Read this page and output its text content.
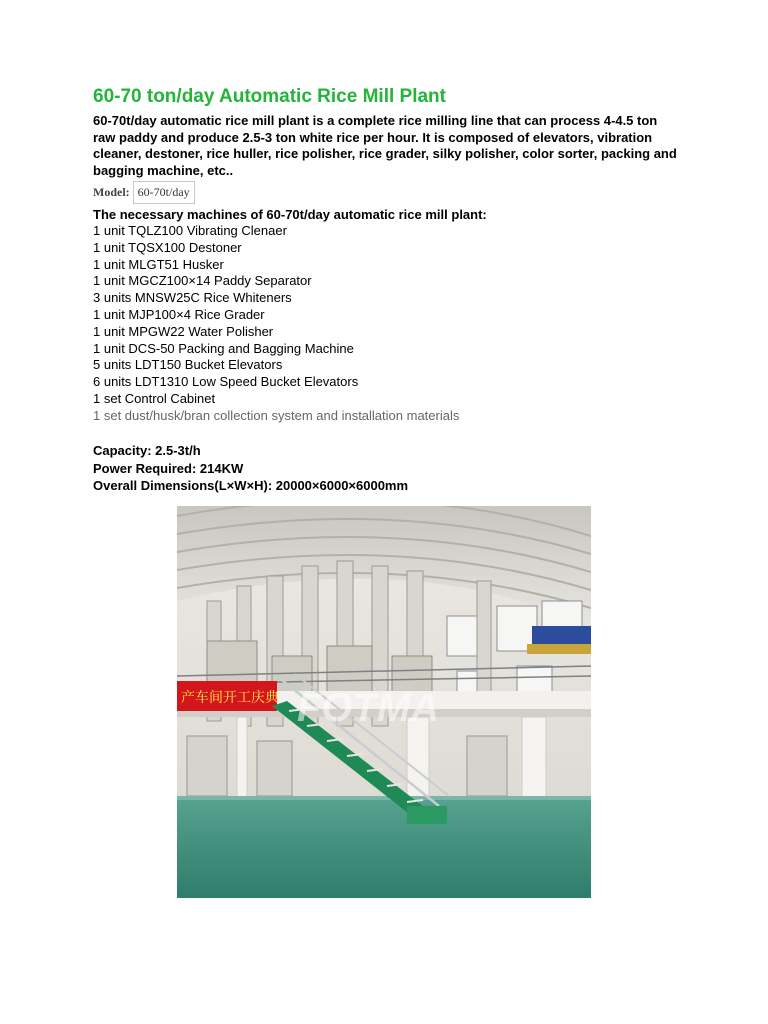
60-70 ton/day Automatic Rice Mill Plant
60-70t/day automatic rice mill plant is a complete rice milling line that can process 4-4.5 ton raw paddy and produce 2.5-3 ton white rice per hour. It is composed of elevators, vibration cleaner, destoner, rice huller, rice polisher, rice grader, silky polisher, color sorter, packing and bagging machine, etc..
Model: 60-70t/day
The necessary machines of 60-70t/day automatic rice mill plant:
1 unit TQLZ100 Vibrating Clenaer
1 unit TQSX100 Destoner
1 unit MLGT51 Husker
1 unit MGCZ100×14 Paddy Separator
3 units MNSW25C Rice Whiteners
1 unit MJP100×4 Rice Grader
1 unit MPGW22 Water Polisher
1 unit DCS-50 Packing and Bagging Machine
5 units LDT150 Bucket Elevators
6 units LDT1310 Low Speed Bucket Elevators
1 set Control Cabinet
1 set dust/husk/bran collection system and installation materials
Capacity: 2.5-3t/h
Power Required: 214KW
Overall Dimensions(L×W×H): 20000×6000×6000mm
产车间开工庆典 FOTMA
